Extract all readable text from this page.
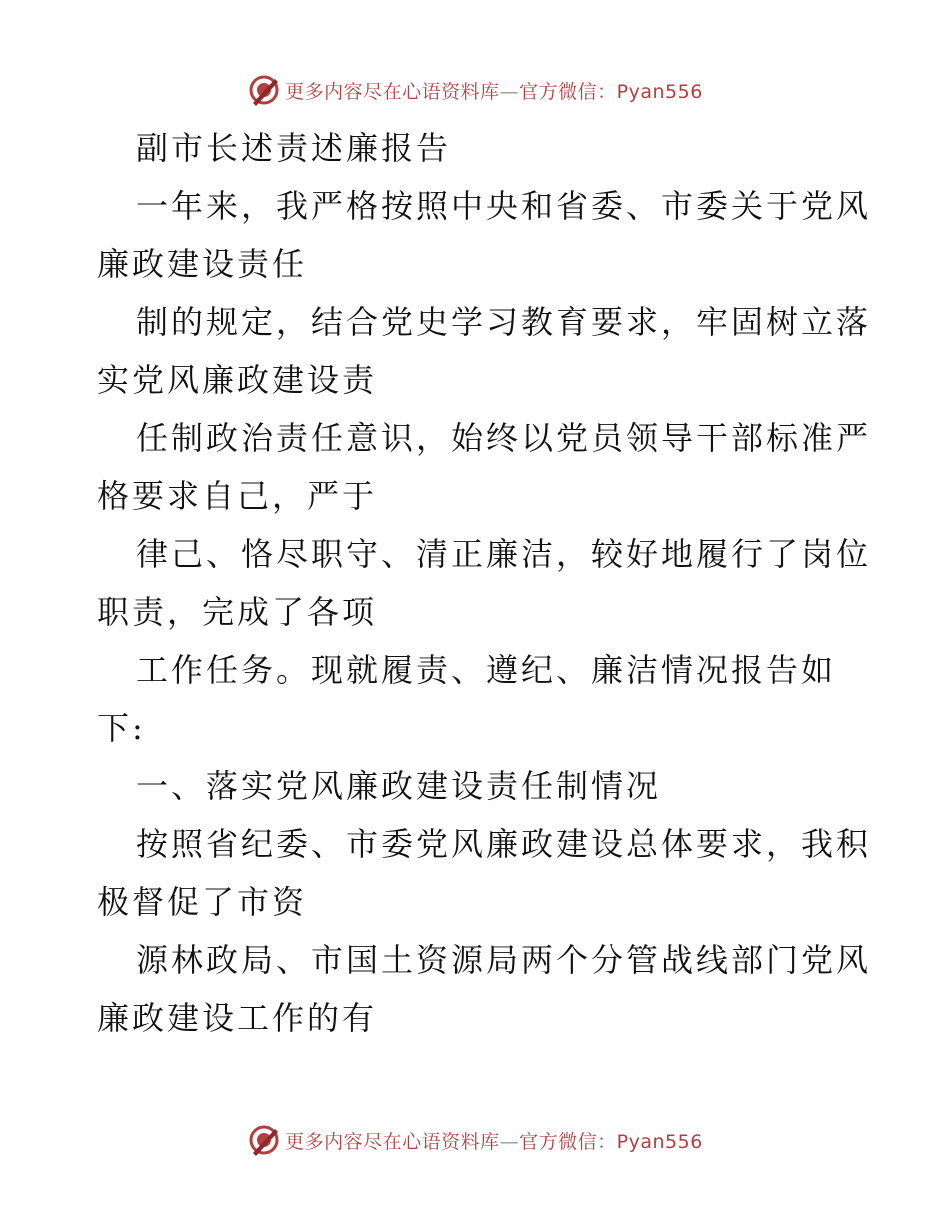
更多内容尽在心语资料库—官方微信：Pyan556
副市长述责述廉报告
一年来，我严格按照中央和省委、市委关于党风
廉政建设责任
制的规定，结合党史学习教育要求，牢固树立落
实党风廉政建设责
任制政治责任意识，始终以党员领导干部标准严
格要求自己，严于
律己、恪尽职守、清正廉洁，较好地履行了岗位
职责，完成了各项
工作任务。现就履责、遵纪、廉洁情况报告如
下:
一、落实党风廉政建设责任制情况
按照省纪委、市委党风廉政建设总体要求，我积
极督促了市资
源林政局、市国土资源局两个分管战线部门党风
廉政建设工作的有
更多内容尽在心语资料库—官方微信：Pyan556
